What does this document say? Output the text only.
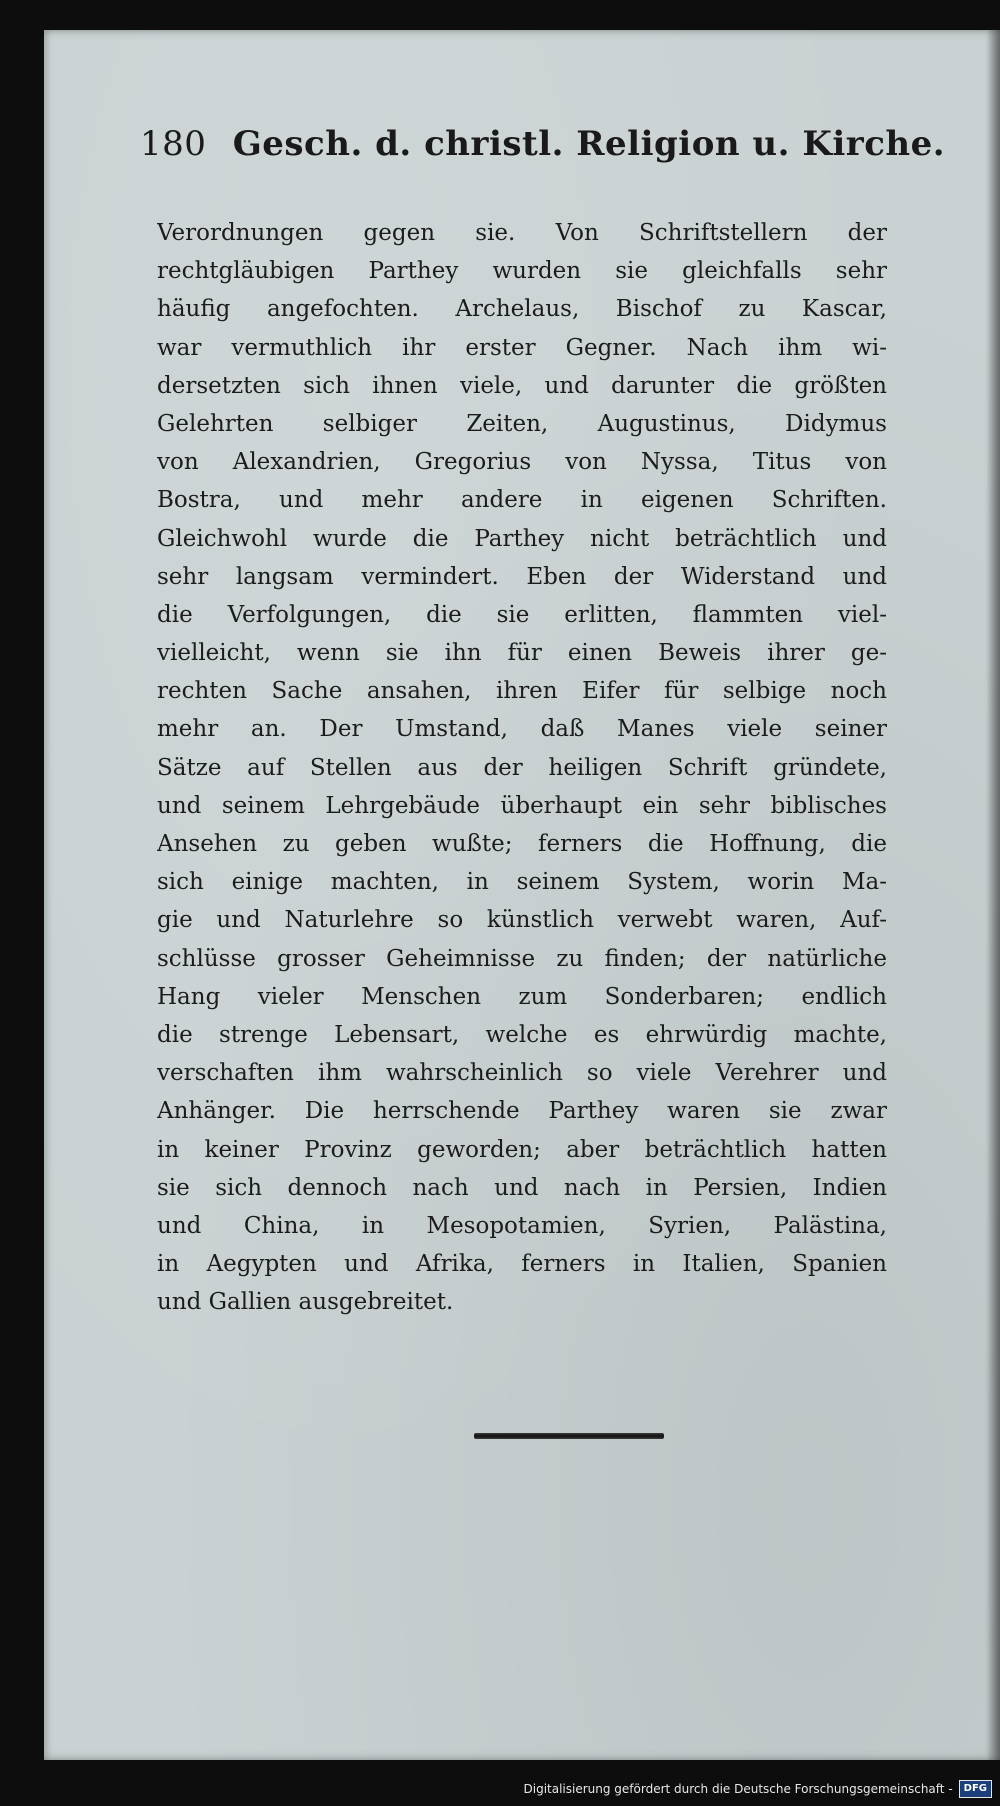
180 Gesch. d. christl. Religion u. Kirche.
Verordnungen gegen sie. Von Schriftstellern der
rechtgläubigen Parthey wurden sie gleichfalls sehr
häufig angefochten. Archelaus, Bischof zu Kascar,
war vermuthlich ihr erster Gegner. Nach ihm wi-
dersetzten sich ihnen viele, und darunter die größten
Gelehrten selbiger Zeiten, Augustinus, Didymus
von Alexandrien, Gregorius von Nyssa, Titus von
Bostra, und mehr andere in eigenen Schriften.
Gleichwohl wurde die Parthey nicht beträchtlich und
sehr langsam vermindert. Eben der Widerstand und
die Verfolgungen, die sie erlitten, flammten viel-
vielleicht, wenn sie ihn für einen Beweis ihrer ge-
rechten Sache ansahen, ihren Eifer für selbige noch
mehr an. Der Umstand, daß Manes viele seiner
Sätze auf Stellen aus der heiligen Schrift gründete,
und seinem Lehrgebäude überhaupt ein sehr biblisches
Ansehen zu geben wußte; ferners die Hoffnung, die
sich einige machten, in seinem System, worin Ma-
gie und Naturlehre so künstlich verwebt waren, Auf-
schlüsse grosser Geheimnisse zu finden; der natürliche
Hang vieler Menschen zum Sonderbaren; endlich
die strenge Lebensart, welche es ehrwürdig machte,
verschaften ihm wahrscheinlich so viele Verehrer und
Anhänger. Die herrschende Parthey waren sie zwar
in keiner Provinz geworden; aber beträchtlich hatten
sie sich dennoch nach und nach in Persien, Indien
und China, in Mesopotamien, Syrien, Palästina,
in Aegypten und Afrika, ferners in Italien, Spanien
und Gallien ausgebreitet.
Digitalisierung gefördert durch die Deutsche Forschungsgemeinschaft -	DFG
